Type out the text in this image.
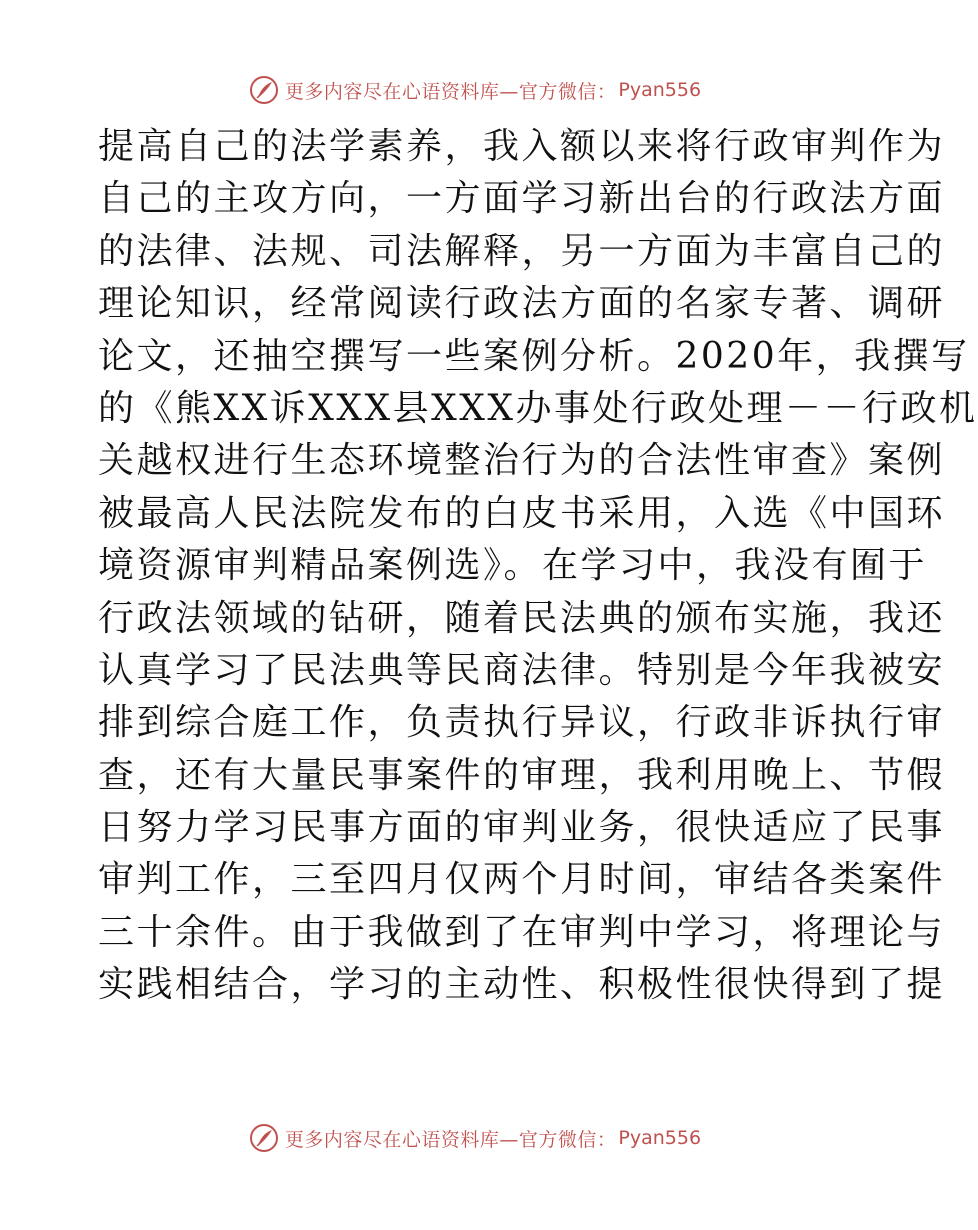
更多内容尽在心语资料库—官方微信： Pyan556
提高自己的法学素养，我入额以来将行政审判作为
自己的主攻方向，一方面学习新出台的行政法方面
的法律、法规、司法解释，另一方面为丰富自己的
理论知识，经常阅读行政法方面的名家专著、调研
论文，还抽空撰写一些案例分析。2020年，我撰写
的《熊XX诉XXX县XXX办事处行政处理－－行政机
关越权进行生态环境整治行为的合法性审查》案例
被最高人民法院发布的白皮书采用，入选《中国环
境资源审判精品案例选》。在学习中，我没有囿于
行政法领域的钻研，随着民法典的颁布实施，我还
认真学习了民法典等民商法律。特别是今年我被安
排到综合庭工作，负责执行异议，行政非诉执行审
查，还有大量民事案件的审理，我利用晚上、节假
日努力学习民事方面的审判业务，很快适应了民事
审判工作，三至四月仅两个月时间，审结各类案件
三十余件。由于我做到了在审判中学习，将理论与
实践相结合，学习的主动性、积极性很快得到了提
更多内容尽在心语资料库—官方微信： Pyan556
